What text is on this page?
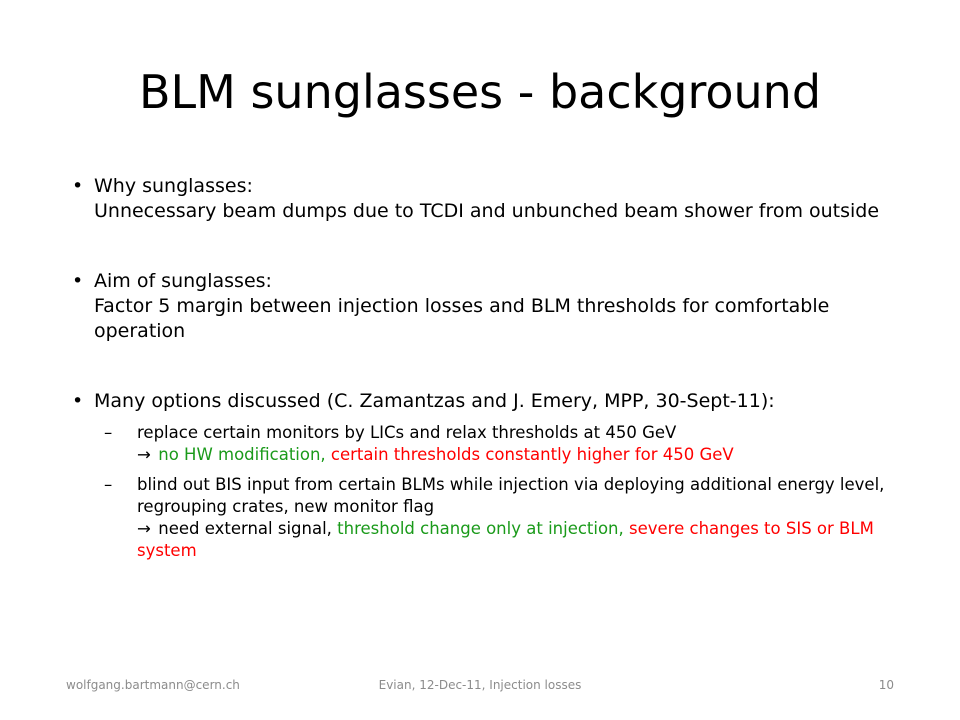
BLM sunglasses - background
• Why sunglasses:
Unnecessary beam dumps due to TCDI and unbunched beam shower from outside
• Aim of sunglasses:
Factor 5 margin between injection losses and BLM thresholds for comfortable operation
• Many options discussed (C. Zamantzas and J. Emery, MPP, 30-Sept-11):
– replace certain monitors by LICs and relax thresholds at 450 GeV
→ no HW modification, certain thresholds constantly higher for 450 GeV
– blind out BIS input from certain BLMs while injection via deploying additional energy level, regrouping crates, new monitor flag
→ need external signal, threshold change only at injection, severe changes to SIS or BLM system
wolfgang.bartmann@cern.ch	Evian, 12-Dec-11, Injection losses	10
